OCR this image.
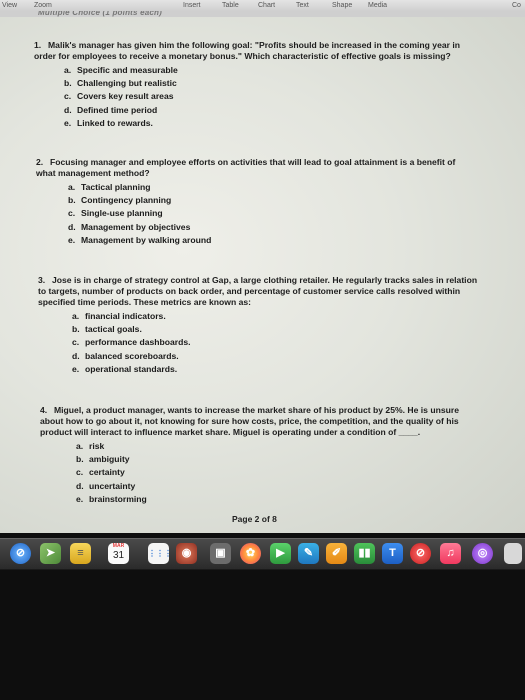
View Zoom	Insert	Table	Chart	Text	Shape Media	Co
Multiple Choice (1 points each)

1. Malik's manager has given him the following goal: "Profits should be increased in the coming year in order for employees to receive a monetary bonus." Which characteristic of effective goals is missing?

a. Specific and measurable
b. Challenging but realistic
c. Covers key result areas
d. Defined time period
e. Linked to rewards.

2. Focusing manager and employee efforts on activities that will lead to goal attainment is a benefit of what management method?

a. Tactical planning
b. Contingency planning
c. Single-use planning
d. Management by objectives
e. Management by walking around

3. Jose is in charge of strategy control at Gap, a large clothing retailer. He regularly tracks sales in relation to targets, number of products on back order, and percentage of customer service calls resolved within specified time periods. These metrics are known as:

a. financial indicators.
b. tactical goals.
c. performance dashboards.
d. balanced scoreboards.
e. operational standards.

4. Miguel, a product manager, wants to increase the market share of his product by 25%. He is unsure about how to go about it, not knowing for sure how costs, price, the competition, and the quality of his product will interact to influence market share. Miguel is operating under a condition of ____.

a. risk
b. ambiguity
c. certainty
d. uncertainty
e. brainstorming
Page 2 of 8
⊘	➤	≡
MAR
31	⋮⋮⋮ ◉	▣	✿	▶	✎	✐	▮▮	T	⊘	♫	◎
